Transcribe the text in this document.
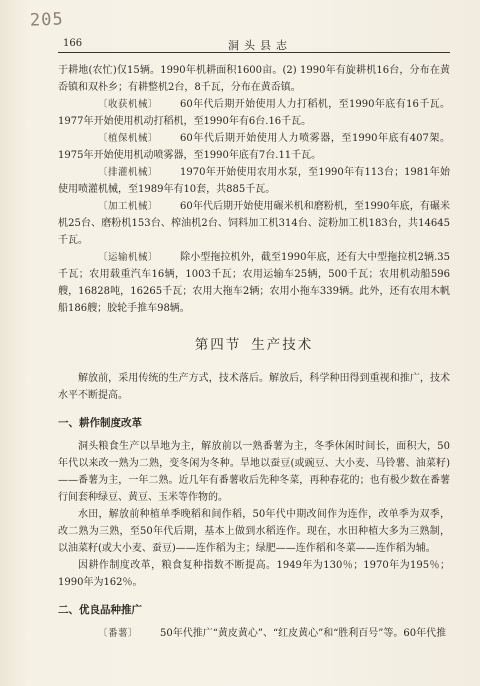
205
166	洞头县志

于耕地(农忙)仅15辆。1990年机耕面积1600亩。(2) 1990年有旋耕机16台，分布在黄岙镇和双朴乡；有耕整机2台，8千瓦，分布在黄岙镇。

〔收获机械〕 60年代后期开始使用人力打稻机，至1990年底有16千瓦。1977年开始使用机动打稻机，至1990年有6台.16千瓦。

〔植保机械〕 60年代后期开始使用人力喷雾器，至1990年底有407架。1975年开始使用机动喷雾器，至1990年底有7台.11千瓦。

〔排灌机械〕 1970年开始使用农用水泵，至1990年有113台；1981年始使用喷灌机械，至1989年有10套，共885千瓦。

〔加工机械〕 60年代后期开始使用碾米机和磨粉机，至1990年底，有碾米机25台、磨粉机153台、榨油机2台、饲料加工机314台、淀粉加工机183台，共14645千瓦。

〔运输机械〕 除小型拖拉机外，截至1990年底，还有大中型拖拉机2辆.35千瓦；农用载重汽车16辆，1003千瓦；农用运输车25辆，500千瓦；农用机动船596艘，16828吨，16265千瓦；农用大拖车2辆；农用小拖车339辆。此外，还有农用木帆船186艘；胶轮手推车98辆。

第四节 生产技术

解放前，采用传统的生产方式，技术落后。解放后，科学种田得到重视和推广，技术水平不断提高。

一、耕作制度改革

洞头粮食生产以旱地为主，解放前以一熟番薯为主，冬季休闲时间长，面积大，50年代以来改一熟为二熟，变冬闲为冬种。旱地以蚕豆(或豌豆、大小麦、马铃薯、油菜籽)——番薯为主，一年二熟。近几年有番薯收后先种冬菜，再种春花的；也有极少数在番薯行间套种绿豆、黄豆、玉米等作物的。

水田，解放前种植单季晚稻和间作稻，50年代中期改间作为连作，改单季为双季，改二熟为三熟，至50年代后期，基本上做到水稻连作。现在，水田种植大多为三熟制，以油菜籽(或大小麦、蚕豆)——连作稻为主；绿肥——连作稻和冬菜——连作稻为辅。

因耕作制度改革，粮食复种指数不断提高。1949年为130％；1970年为195％；1990年为162％。

二、优良品种推广

〔番薯〕 50年代推广“黄皮黄心”、“红皮黄心”和“胜利百号”等。60年代推
